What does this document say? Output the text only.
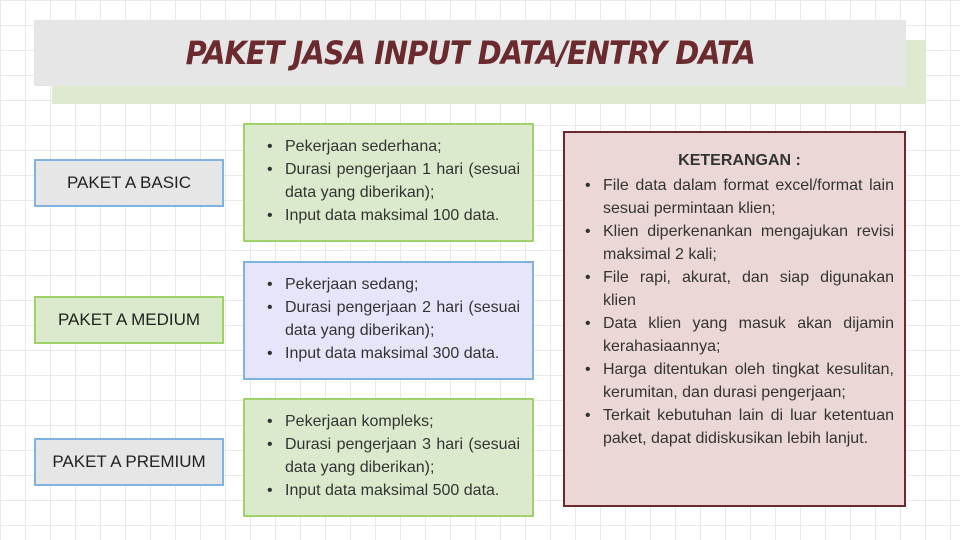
PAKET JASA INPUT DATA/ENTRY DATA
PAKET A BASIC
PAKET A MEDIUM
PAKET A PREMIUM
• Pekerjaan sederhana;
• Durasi pengerjaan 1 hari (sesuai data yang diberikan);
• Input data maksimal 100 data.
• Pekerjaan sedang;
• Durasi pengerjaan 2 hari (sesuai data yang diberikan);
• Input data maksimal 300 data.
• Pekerjaan kompleks;
• Durasi pengerjaan 3 hari (sesuai data yang diberikan);
• Input data maksimal 500 data.
KETERANGAN :
• File data dalam format excel/format lain sesuai permintaan klien;
• Klien diperkenankan mengajukan revisi maksimal 2 kali;
• File rapi, akurat, dan siap digunakan klien
• Data klien yang masuk akan dijamin kerahasiaannya;
• Harga ditentukan oleh tingkat kesulitan, kerumitan, dan durasi pengerjaan;
• Terkait kebutuhan lain di luar ketentuan paket, dapat didiskusikan lebih lanjut.
